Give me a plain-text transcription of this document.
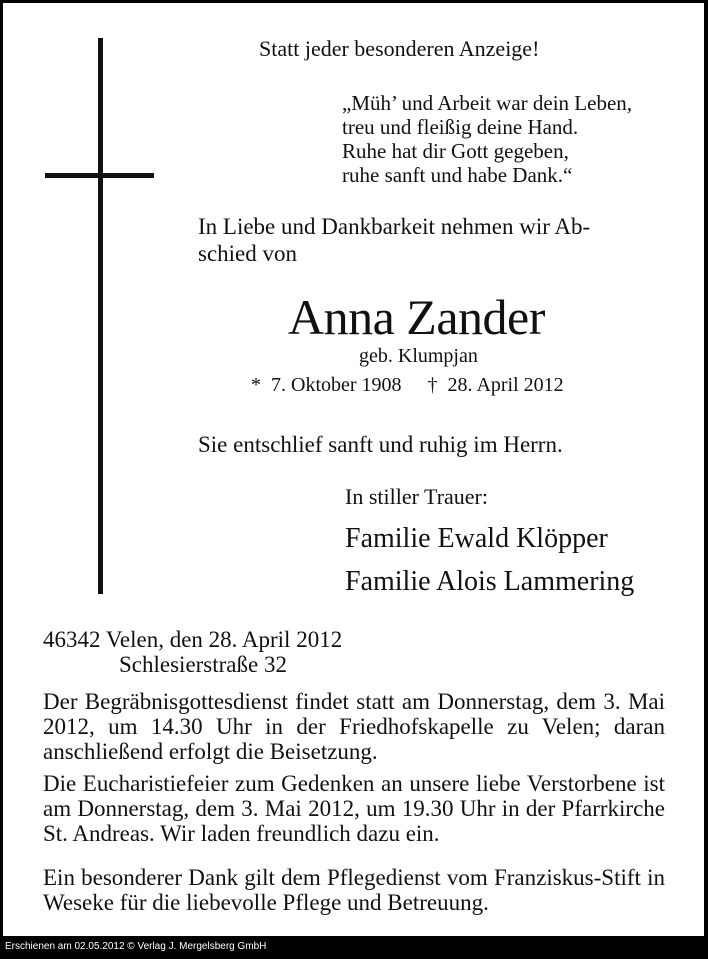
Statt jeder besonderen Anzeige!
„Müh’ und Arbeit war dein Leben,
treu und fleißig deine Hand.
Ruhe hat dir Gott gegeben,
ruhe sanft und habe Dank.“
In Liebe und Dankbarkeit nehmen wir Ab-
schied von
Anna Zander
geb. Klumpjan
* 7. Oktober 1908 † 28. April 2012
Sie entschlief sanft und ruhig im Herrn.
In stiller Trauer:
Familie Ewald Klöpper
Familie Alois Lammering
46342 Velen, den 28. April 2012
Schlesierstraße 32
Der Begräbnisgottesdienst findet statt am Donnerstag, dem 3. Mai 2012, um 14.30 Uhr in der Friedhofskapelle zu Velen; daran anschließend erfolgt die Beisetzung.
Die Eucharistiefeier zum Gedenken an unsere liebe Verstorbene ist am Donnerstag, dem 3. Mai 2012, um 19.30 Uhr in der Pfarrkirche St. Andreas. Wir laden freundlich dazu ein.
Ein besonderer Dank gilt dem Pflegedienst vom Franziskus-Stift in Weseke für die liebevolle Pflege und Betreuung.
Erschienen am 02.05.2012 © Verlag J. Mergelsberg GmbH
